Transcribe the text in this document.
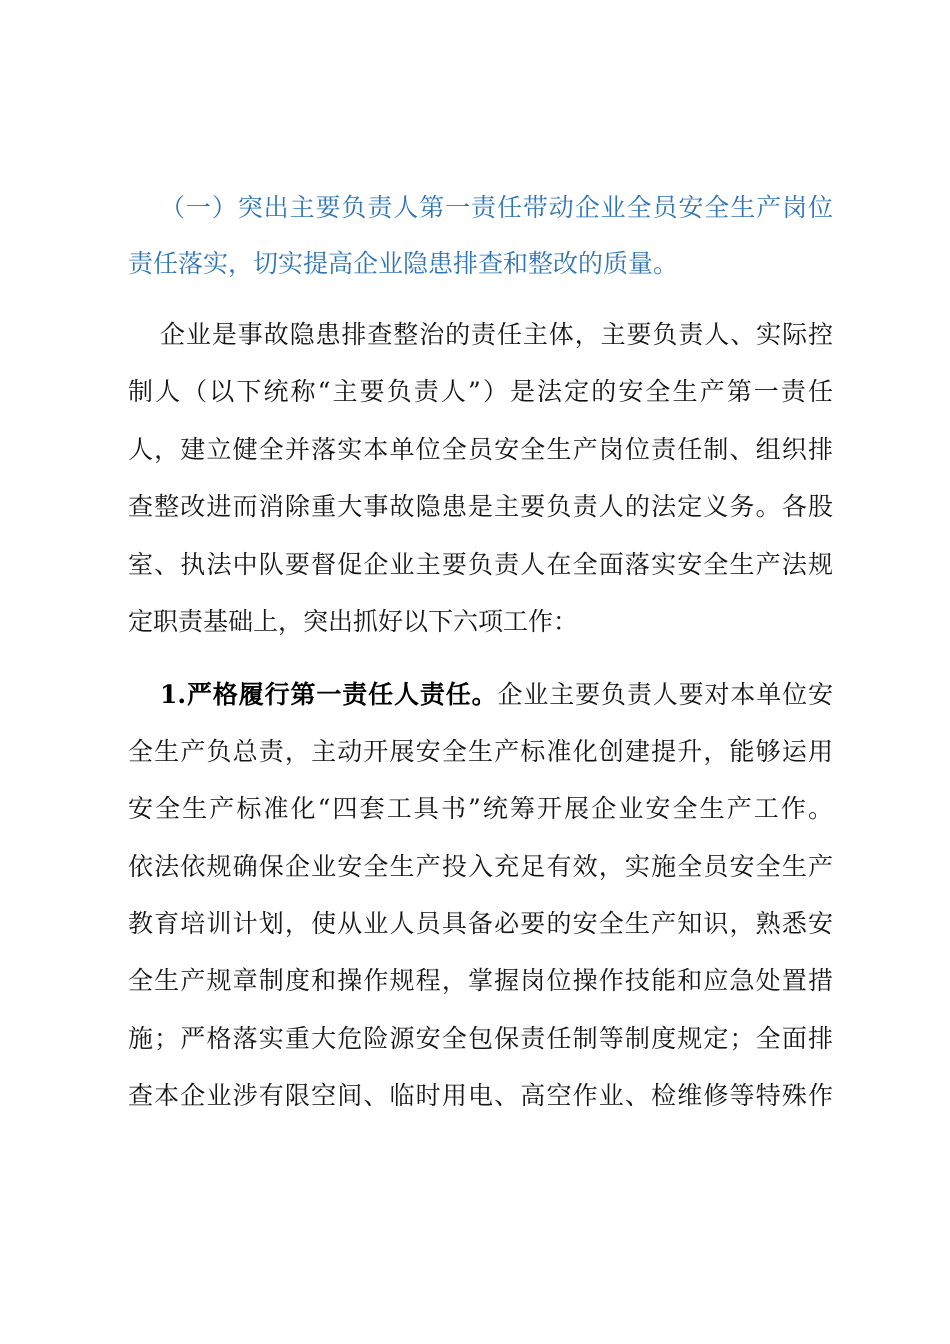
（一）突出主要负责人第一责任带动企业全员安全生产岗位
责任落实，切实提高企业隐患排查和整改的质量。
企业是事故隐患排查整治的责任主体，主要负责人、实际控
制人（以下统称“主要负责人”）是法定的安全生产第一责任
人，建立健全并落实本单位全员安全生产岗位责任制、组织排
查整改进而消除重大事故隐患是主要负责人的法定义务。各股
室、执法中队要督促企业主要负责人在全面落实安全生产法规
定职责基础上，突出抓好以下六项工作：
1.严格履行第一责任人责任。企业主要负责人要对本单位安
全生产负总责，主动开展安全生产标准化创建提升，能够运用
安全生产标准化“四套工具书”统筹开展企业安全生产工作。
依法依规确保企业安全生产投入充足有效，实施全员安全生产
教育培训计划，使从业人员具备必要的安全生产知识，熟悉安
全生产规章制度和操作规程，掌握岗位操作技能和应急处置措
施；严格落实重大危险源安全包保责任制等制度规定；全面排
查本企业涉有限空间、临时用电、高空作业、检维修等特殊作
